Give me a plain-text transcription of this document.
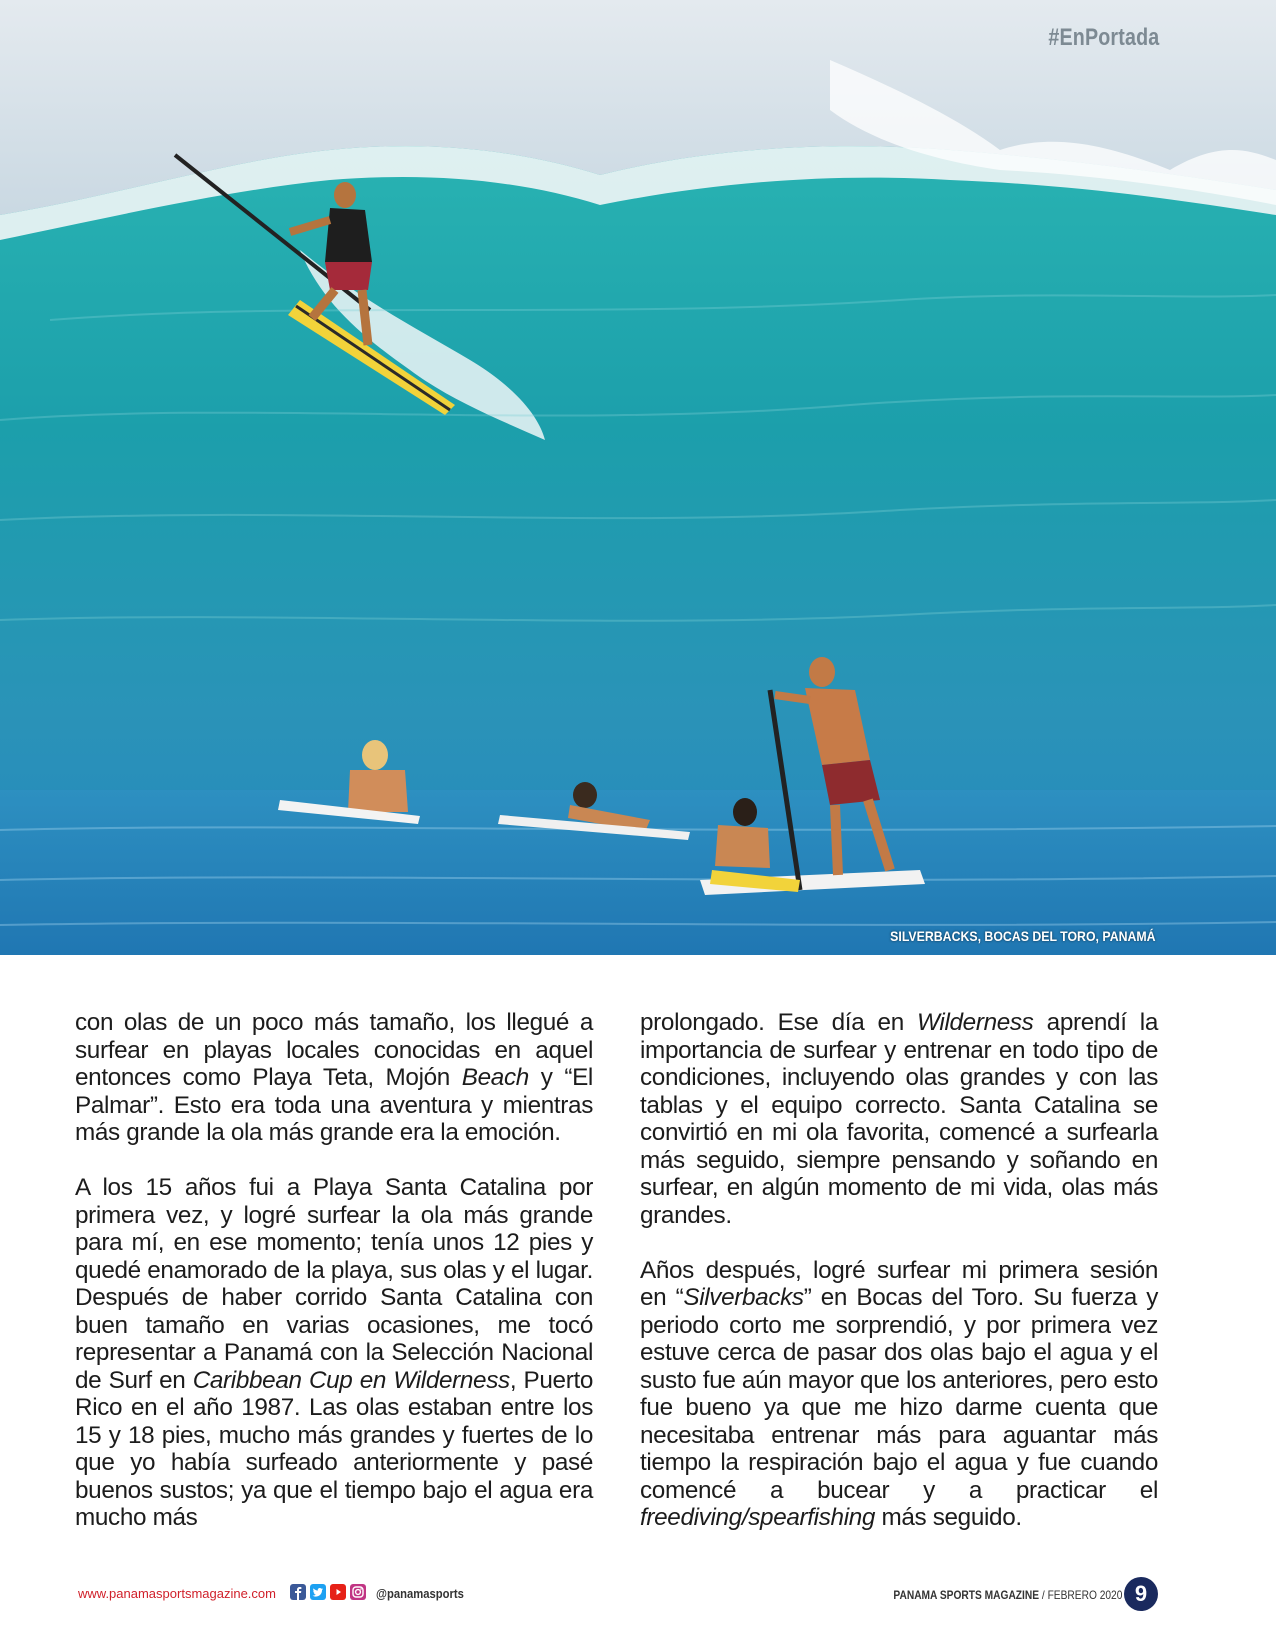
#EnPortada
SILVERBACKS, BOCAS DEL TORO, PANAMÁ

con olas de un poco más tamaño, los llegué a surfear en playas locales conocidas en aquel entonces como Playa Teta, Mojón Beach y “El Palmar”. Esto era toda una aventura y mientras más grande la ola más grande era la emoción.

A los 15 años fui a Playa Santa Catalina por primera vez, y logré surfear la ola más grande para mí, en ese momento; tenía unos 12 pies y quedé enamorado de la playa, sus olas y el lugar. Después de haber corrido Santa Catalina con buen tamaño en varias ocasiones, me tocó representar a Panamá con la Selección Nacional de Surf en Caribbean Cup en Wilderness, Puerto Rico en el año 1987. Las olas estaban entre los 15 y 18 pies, mucho más grandes y fuertes de lo que yo había surfeado anteriormente y pasé buenos sustos; ya que el tiempo bajo el agua era mucho más

prolongado. Ese día en Wilderness aprendí la importancia de surfear y entrenar en todo tipo de condiciones, incluyendo olas grandes y con las tablas y el equipo correcto. Santa Catalina se convirtió en mi ola favorita, comencé a surfearla más seguido, siempre pensando y soñando en surfear, en algún momento de mi vida, olas más grandes.

Años después, logré surfear mi primera sesión en “Silverbacks” en Bocas del Toro. Su fuerza y periodo corto me sorprendió, y por primera vez estuve cerca de pasar dos olas bajo el agua y el susto fue aún mayor que los anteriores, pero esto fue bueno ya que me hizo darme cuenta que necesitaba entrenar más para aguantar más tiempo la respiración bajo el agua y fue cuando comencé a bucear y a practicar el freediving/spearfishing más seguido.

www.panamasportsmagazine.com	@panamasports	PANAMA SPORTS MAGAZINE / FEBRERO 2020 9
